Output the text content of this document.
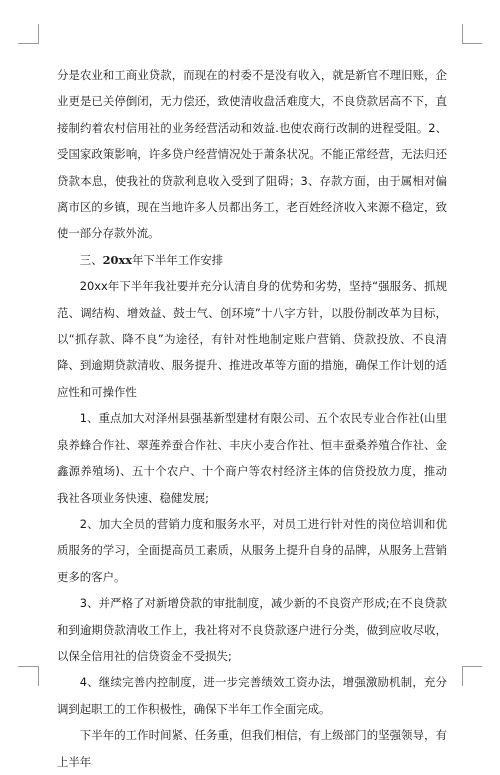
分是农业和工商业贷款，而现在的村委不是没有收入，就是新官不理旧账，企业更是已关停倒闭，无力偿还，致使清收盘活难度大，不良贷款居高不下，直接制约着农村信用社的业务经营活动和效益.也使农商行改制的进程受阻。2、受国家政策影响，许多贷户经营情况处于萧条状况。不能正常经营，无法归还贷款本息，使我社的贷款利息收入受到了阻碍；3、存款方面，由于属相对偏离市区的乡镇，现在当地许多人员都出务工，老百姓经济收入来源不稳定，致使一部分存款外流。

三、20xx年下半年工作安排

20xx年下半年我社要并充分认清自身的优势和劣势，坚持“强服务、抓规范、调结构、增效益、鼓士气、创环境”十八字方针，以股份制改革为目标，以“抓存款、降不良”为途径，有针对性地制定账户营销、贷款投放、不良清降、到逾期贷款清收、服务提升、推进改革等方面的措施，确保工作计划的适应性和可操作性

1、重点加大对泽州县强基新型建材有限公司、五个农民专业合作社(山里泉养蜂合作社、翠莲养蚕合作社、丰庆小麦合作社、恒丰蚕桑养殖合作社、金鑫源养殖场)、五十个农户、十个商户等农村经济主体的信贷投放力度，推动我社各项业务快速、稳健发展;

2、加大全员的营销力度和服务水平，对员工进行针对性的岗位培训和优质服务的学习，全面提高员工素质，从服务上提升自身的品牌，从服务上营销更多的客户。

3、并严格了对新增贷款的审批制度，减少新的不良资产形成;在不良贷款和到逾期贷款清收工作上，我社将对不良贷款逐户进行分类，做到应收尽收，以保全信用社的信贷资金不受损失;

4、继续完善内控制度，进一步完善绩效工资办法，增强激励机制，充分调到起职工的工作积极性，确保下半年工作全面完成。

下半年的工作时间紧、任务重，但我们相信，有上级部门的坚强领导，有上半年
